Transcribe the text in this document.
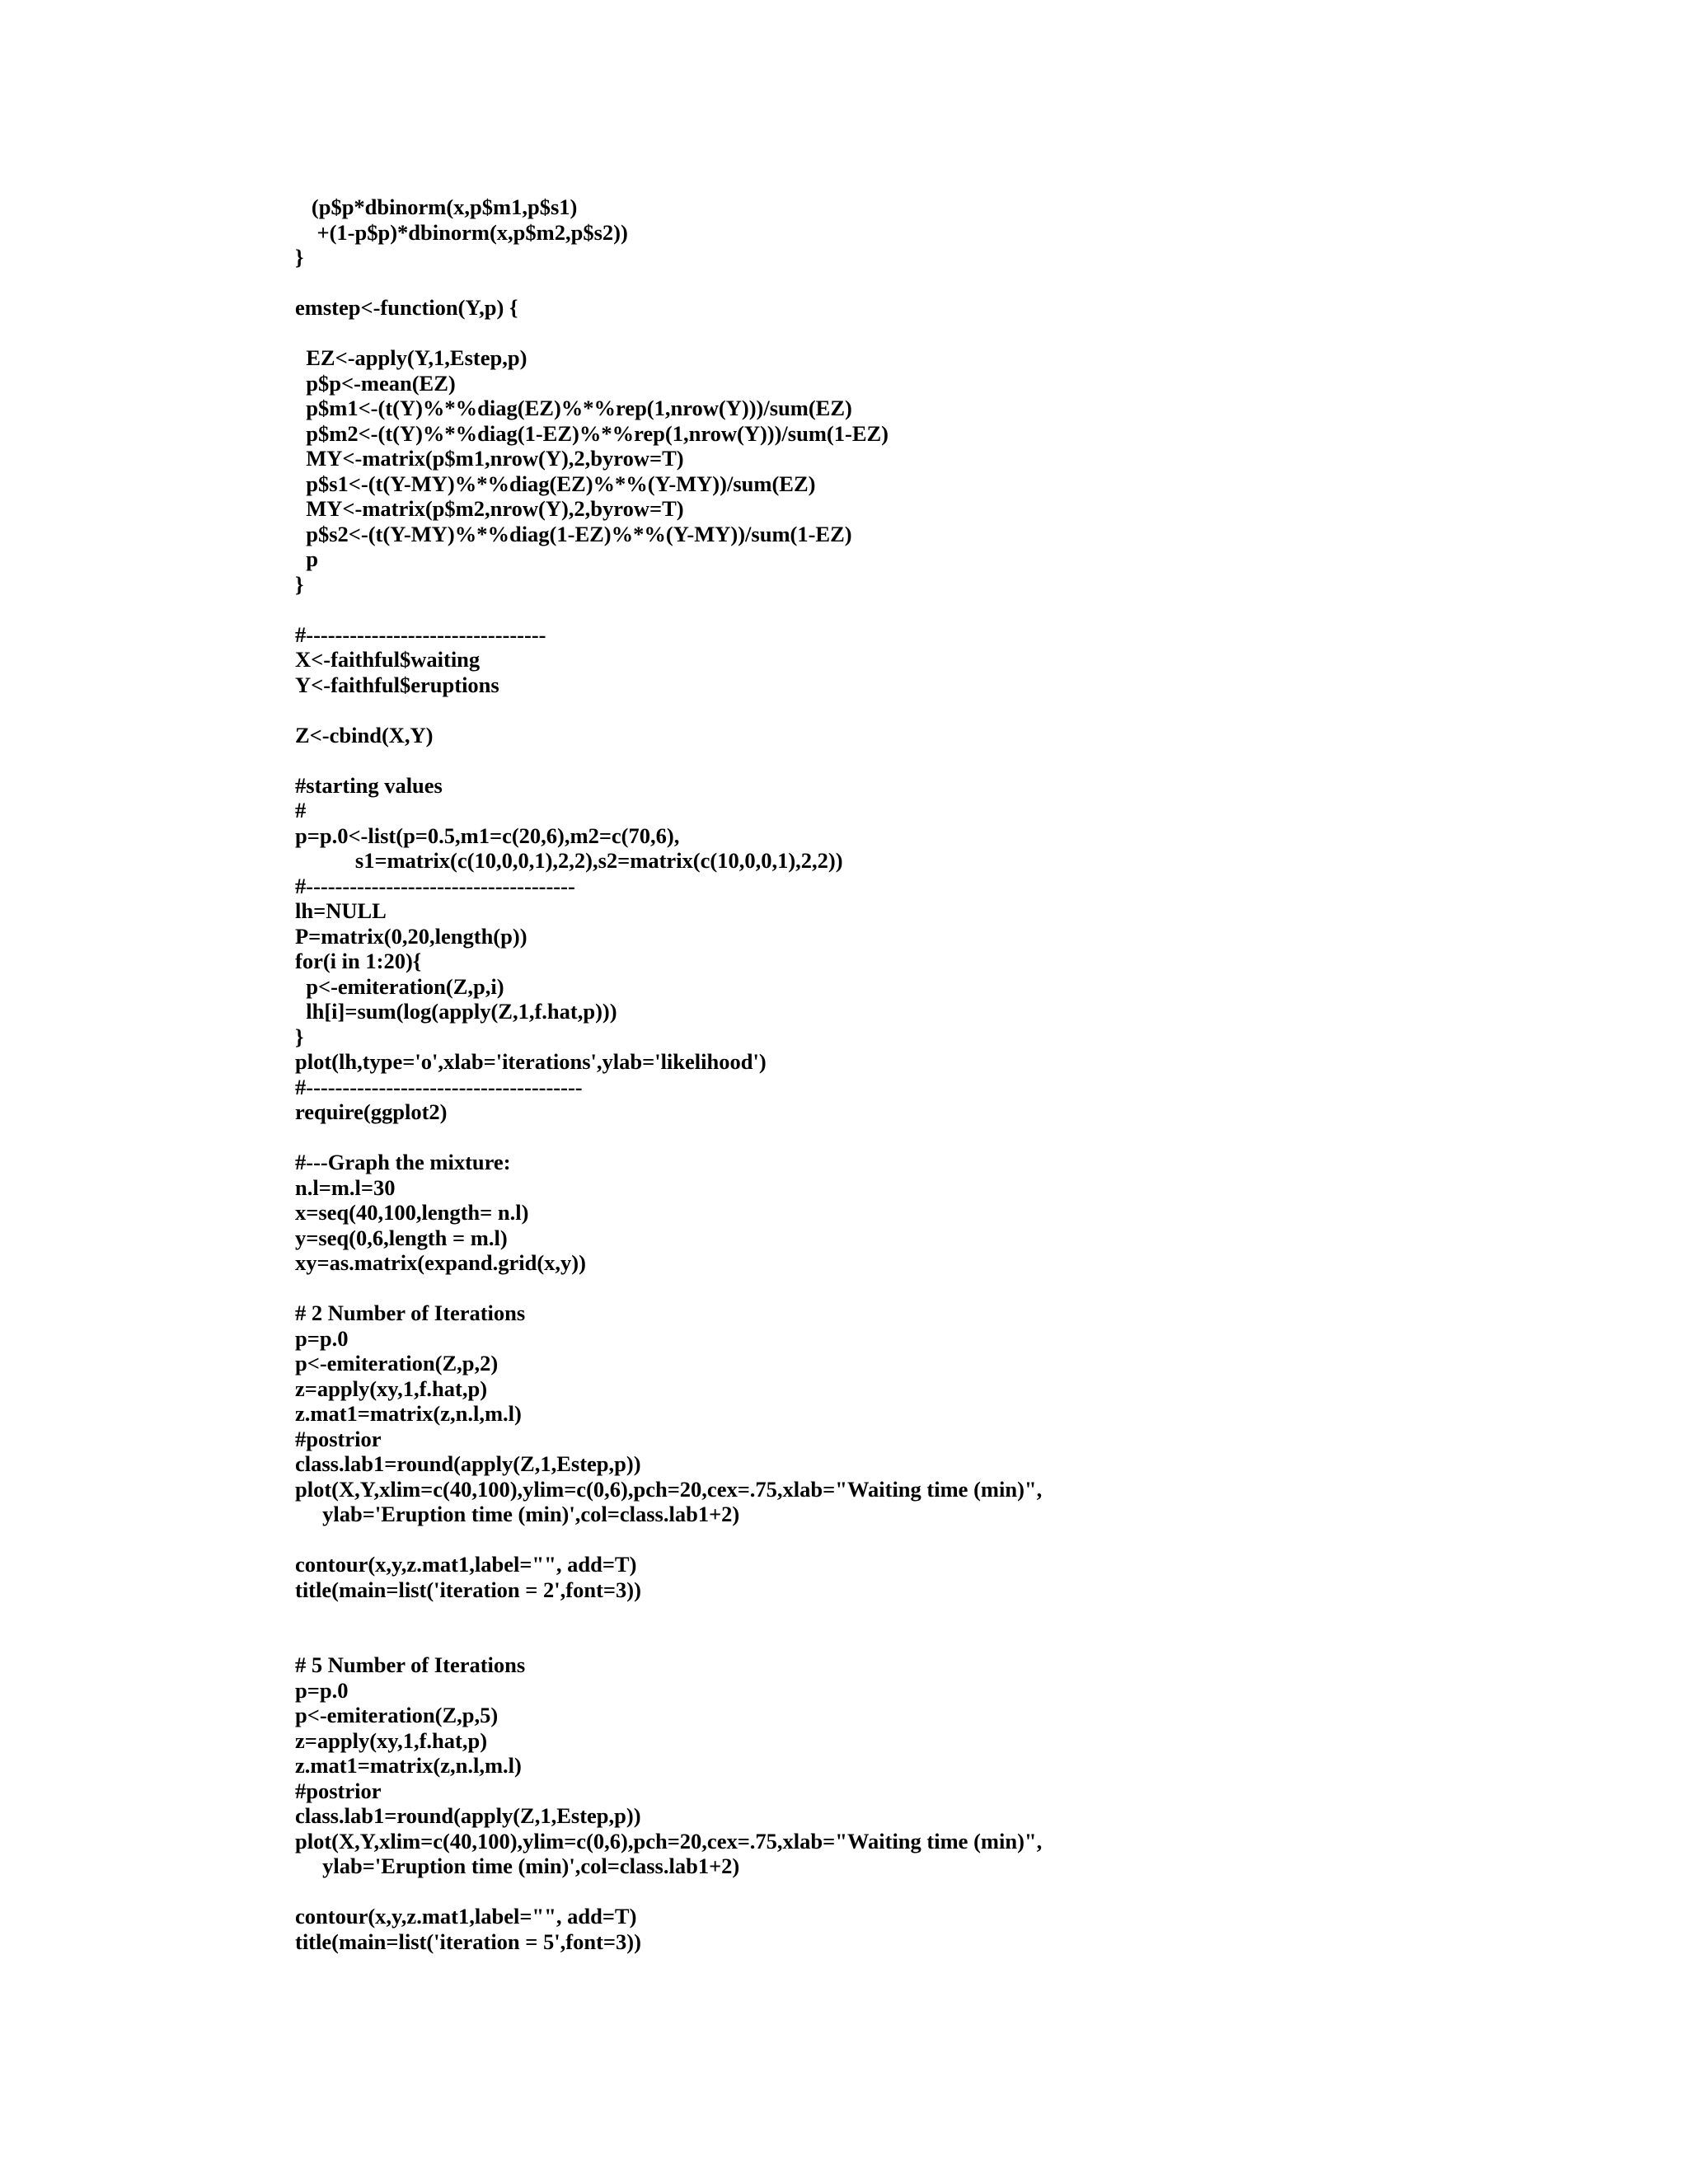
(p$p*dbinorm(x,p$m1,p$s1)
+(1-p$p)*dbinorm(x,p$m2,p$s2))
}
emstep<-function(Y,p) {
EZ<-apply(Y,1,Estep,p)
p$p<-mean(EZ)
p$m1<-(t(Y)%*%diag(EZ)%*%rep(1,nrow(Y)))/sum(EZ)
p$m2<-(t(Y)%*%diag(1-EZ)%*%rep(1,nrow(Y)))/sum(1-EZ)
MY<-matrix(p$m1,nrow(Y),2,byrow=T)
p$s1<-(t(Y-MY)%*%diag(EZ)%*%(Y-MY))/sum(EZ)
MY<-matrix(p$m2,nrow(Y),2,byrow=T)
p$s2<-(t(Y-MY)%*%diag(1-EZ)%*%(Y-MY))/sum(1-EZ)
p
}
#---------------------------------
X<-faithful$waiting
Y<-faithful$eruptions
Z<-cbind(X,Y)
#starting values
#
p=p.0<-list(p=0.5,m1=c(20,6),m2=c(70,6),
s1=matrix(c(10,0,0,1),2,2),s2=matrix(c(10,0,0,1),2,2))
#-------------------------------------
lh=NULL
P=matrix(0,20,length(p))
for(i in 1:20){
p<-emiteration(Z,p,i)
lh[i]=sum(log(apply(Z,1,f.hat,p)))
}
plot(lh,type='o',xlab='iterations',ylab='likelihood')
#--------------------------------------
require(ggplot2)
#---Graph the mixture:
n.l=m.l=30
x=seq(40,100,length= n.l)
y=seq(0,6,length = m.l)
xy=as.matrix(expand.grid(x,y))
# 2 Number of Iterations
p=p.0
p<-emiteration(Z,p,2)
z=apply(xy,1,f.hat,p)
z.mat1=matrix(z,n.l,m.l)
#postrior
class.lab1=round(apply(Z,1,Estep,p))
plot(X,Y,xlim=c(40,100),ylim=c(0,6),pch=20,cex=.75,xlab="Waiting time (min)",
ylab='Eruption time (min)',col=class.lab1+2)
contour(x,y,z.mat1,label="", add=T)
title(main=list('iteration = 2',font=3))
# 5 Number of Iterations
p=p.0
p<-emiteration(Z,p,5)
z=apply(xy,1,f.hat,p)
z.mat1=matrix(z,n.l,m.l)
#postrior
class.lab1=round(apply(Z,1,Estep,p))
plot(X,Y,xlim=c(40,100),ylim=c(0,6),pch=20,cex=.75,xlab="Waiting time (min)",
ylab='Eruption time (min)',col=class.lab1+2)
contour(x,y,z.mat1,label="", add=T)
title(main=list('iteration = 5',font=3))
